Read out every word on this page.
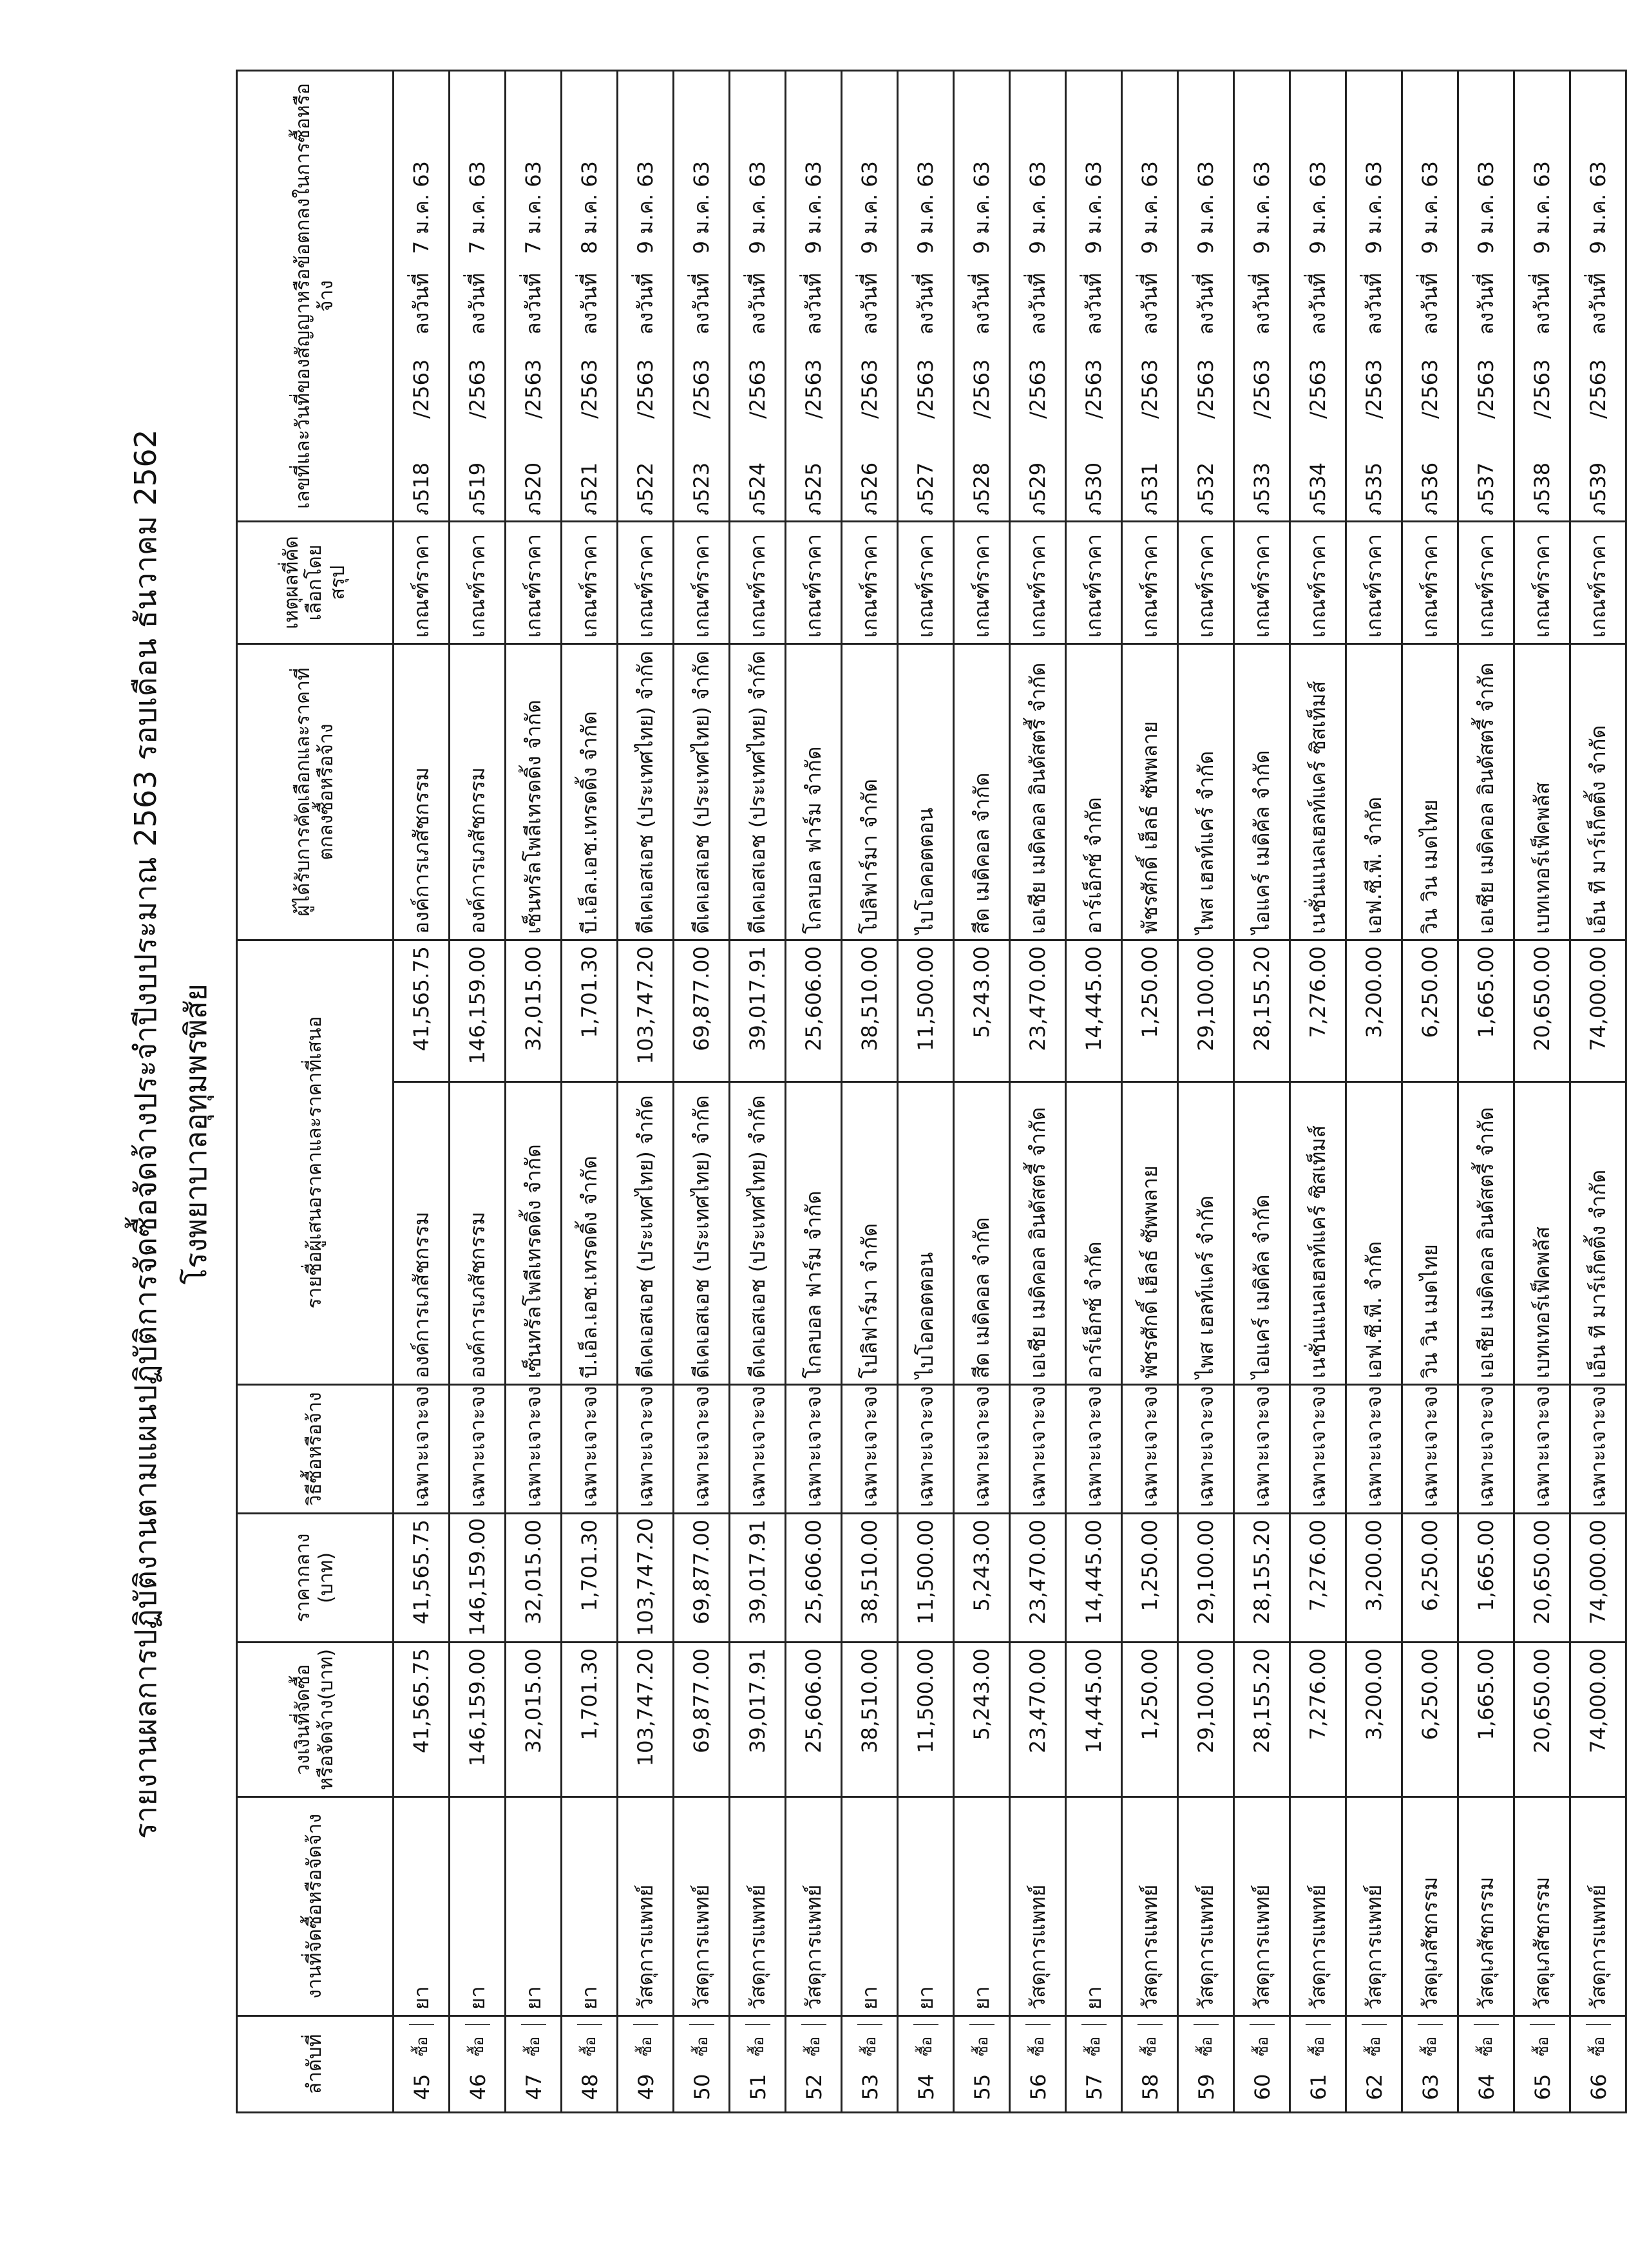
รายงานผลการปฏิบัติงานตามแผนปฏิบัติการจัดซื้อจัดจ้างประจำปีงบประมาณ 2563 รอบเดือน ธันวาคม 2562 โรงพยาบาลอุทุมพรพิสัย
ลำดับที่	งานที่จัดซื้อหรือจัดจ้าง	วงเงินที่จัดซื้อหรือจัดจ้าง(บาท)	ราคากลาง (บาท)	วิธีซื้อหรือจ้าง	รายชื่อผู้เสนอราคาและราคาที่เสนอ		ผู้ได้รับการคัดเลือกและราคาที่ตกลงซื้อหรือจ้าง	เหตุผลที่คัดเลือกโดยสรุป	เลขที่และวันที่ของสัญญาหรือข้อตกลงในการซื้อหรือจ้าง
45ซื้อ	ยา	41,565.75	41,565.75	เฉพาะเจาะจง	องค์การเภสัชกรรม	41,565.75	องค์การเภสัชกรรม	เกณฑ์ราคา	ภ518/2563ลงวันที่7 ม.ค. 63
46ซื้อ	ยา	146,159.00	146,159.00	เฉพาะเจาะจง	องค์การเภสัชกรรม	146,159.00	องค์การเภสัชกรรม	เกณฑ์ราคา	ภ519/2563ลงวันที่7 ม.ค. 63
47ซื้อ	ยา	32,015.00	32,015.00	เฉพาะเจาะจง	เซ็นทรัลโพลีเทรดดิ้ง จำกัด	32,015.00	เซ็นทรัลโพลีเทรดดิ้ง จำกัด	เกณฑ์ราคา	ภ520/2563ลงวันที่7 ม.ค. 63
48ซื้อ	ยา	1,701.30	1,701.30	เฉพาะเจาะจง	บี.เอ็ล.เอช.เทรดดิ้ง จำกัด	1,701.30	บี.เอ็ล.เอช.เทรดดิ้ง จำกัด	เกณฑ์ราคา	ภ521/2563ลงวันที่8 ม.ค. 63
49ซื้อ	วัสดุการแพทย์	103,747.20	103,747.20	เฉพาะเจาะจง	ดีเคเอสเอช (ประเทศไทย) จำกัด	103,747.20	ดีเคเอสเอช (ประเทศไทย) จำกัด	เกณฑ์ราคา	ภ522/2563ลงวันที่9 ม.ค. 63
50ซื้อ	วัสดุการแพทย์	69,877.00	69,877.00	เฉพาะเจาะจง	ดีเคเอสเอช (ประเทศไทย) จำกัด	69,877.00	ดีเคเอสเอช (ประเทศไทย) จำกัด	เกณฑ์ราคา	ภ523/2563ลงวันที่9 ม.ค. 63
51ซื้อ	วัสดุการแพทย์	39,017.91	39,017.91	เฉพาะเจาะจง	ดีเคเอสเอช (ประเทศไทย) จำกัด	39,017.91	ดีเคเอสเอช (ประเทศไทย) จำกัด	เกณฑ์ราคา	ภ524/2563ลงวันที่9 ม.ค. 63
52ซื้อ	วัสดุการแพทย์	25,606.00	25,606.00	เฉพาะเจาะจง	โกลบอล ฟาร์ม จำกัด	25,606.00	โกลบอล ฟาร์ม จำกัด	เกณฑ์ราคา	ภ525/2563ลงวันที่9 ม.ค. 63
53ซื้อ	ยา	38,510.00	38,510.00	เฉพาะเจาะจง	โปลิฟาร์มา จำกัด	38,510.00	โปลิฟาร์มา จำกัด	เกณฑ์ราคา	ภ526/2563ลงวันที่9 ม.ค. 63
54ซื้อ	ยา	11,500.00	11,500.00	เฉพาะเจาะจง	ไบโอคอตตอน	11,500.00	ไบโอคอตตอน	เกณฑ์ราคา	ภ527/2563ลงวันที่9 ม.ค. 63
55ซื้อ	ยา	5,243.00	5,243.00	เฉพาะเจาะจง	สีด เมดิคอล จำกัด	5,243.00	สีด เมดิคอล จำกัด	เกณฑ์ราคา	ภ528/2563ลงวันที่9 ม.ค. 63
56ซื้อ	วัสดุการแพทย์	23,470.00	23,470.00	เฉพาะเจาะจง	เอเชีย เมดิคอล อินดัสตรี้ จำกัด	23,470.00	เอเชีย เมดิคอล อินดัสตรี้ จำกัด	เกณฑ์ราคา	ภ529/2563ลงวันที่9 ม.ค. 63
57ซื้อ	ยา	14,445.00	14,445.00	เฉพาะเจาะจง	อาร์เอ็กซ์ จำกัด	14,445.00	อาร์เอ็กซ์ จำกัด	เกณฑ์ราคา	ภ530/2563ลงวันที่9 ม.ค. 63
58ซื้อ	วัสดุการแพทย์	1,250.00	1,250.00	เฉพาะเจาะจง	พัชรศักดิ์ เฮ็ลธ์ ซัพพลาย	1,250.00	พัชรศักดิ์ เฮ็ลธ์ ซัพพลาย	เกณฑ์ราคา	ภ531/2563ลงวันที่9 ม.ค. 63
59ซื้อ	วัสดุการแพทย์	29,100.00	29,100.00	เฉพาะเจาะจง	ไพส เฮลท์แคร์ จำกัด	29,100.00	ไพส เฮลท์แคร์ จำกัด	เกณฑ์ราคา	ภ532/2563ลงวันที่9 ม.ค. 63
60ซื้อ	วัสดุการแพทย์	28,155.20	28,155.20	เฉพาะเจาะจง	ไอแคร์ เมดิคัล จำกัด	28,155.20	ไอแคร์ เมดิคัล จำกัด	เกณฑ์ราคา	ภ533/2563ลงวันที่9 ม.ค. 63
61ซื้อ	วัสดุการแพทย์	7,276.00	7,276.00	เฉพาะเจาะจง	เนชั่นแนลเฮลท์แคร์ ซิสเท็มส์	7,276.00	เนชั่นแนลเฮลท์แคร์ ซิสเท็มส์	เกณฑ์ราคา	ภ534/2563ลงวันที่9 ม.ค. 63
62ซื้อ	วัสดุการแพทย์	3,200.00	3,200.00	เฉพาะเจาะจง	เอฟ.ซี.พี. จำกัด	3,200.00	เอฟ.ซี.พี. จำกัด	เกณฑ์ราคา	ภ535/2563ลงวันที่9 ม.ค. 63
63ซื้อ	วัสดุเภสัชกรรม	6,250.00	6,250.00	เฉพาะเจาะจง	วิน วิน เมดไทย	6,250.00	วิน วิน เมดไทย	เกณฑ์ราคา	ภ536/2563ลงวันที่9 ม.ค. 63
64ซื้อ	วัสดุเภสัชกรรม	1,665.00	1,665.00	เฉพาะเจาะจง	เอเชีย เมดิคอล อินดัสตรี้ จำกัด	1,665.00	เอเชีย เมดิคอล อินดัสตรี้ จำกัด	เกณฑ์ราคา	ภ537/2563ลงวันที่9 ม.ค. 63
65ซื้อ	วัสดุเภสัชกรรม	20,650.00	20,650.00	เฉพาะเจาะจง	เบทเทอร์เฟ็คพลัส	20,650.00	เบทเทอร์เฟ็คพลัส	เกณฑ์ราคา	ภ538/2563ลงวันที่9 ม.ค. 63
66ซื้อ	วัสดุการแพทย์	74,000.00	74,000.00	เฉพาะเจาะจง	เอ็น ที มาร์เก็ตติ้ง จำกัด	74,000.00	เอ็น ที มาร์เก็ตติ้ง จำกัด	เกณฑ์ราคา	ภ539/2563ลงวันที่9 ม.ค. 63
